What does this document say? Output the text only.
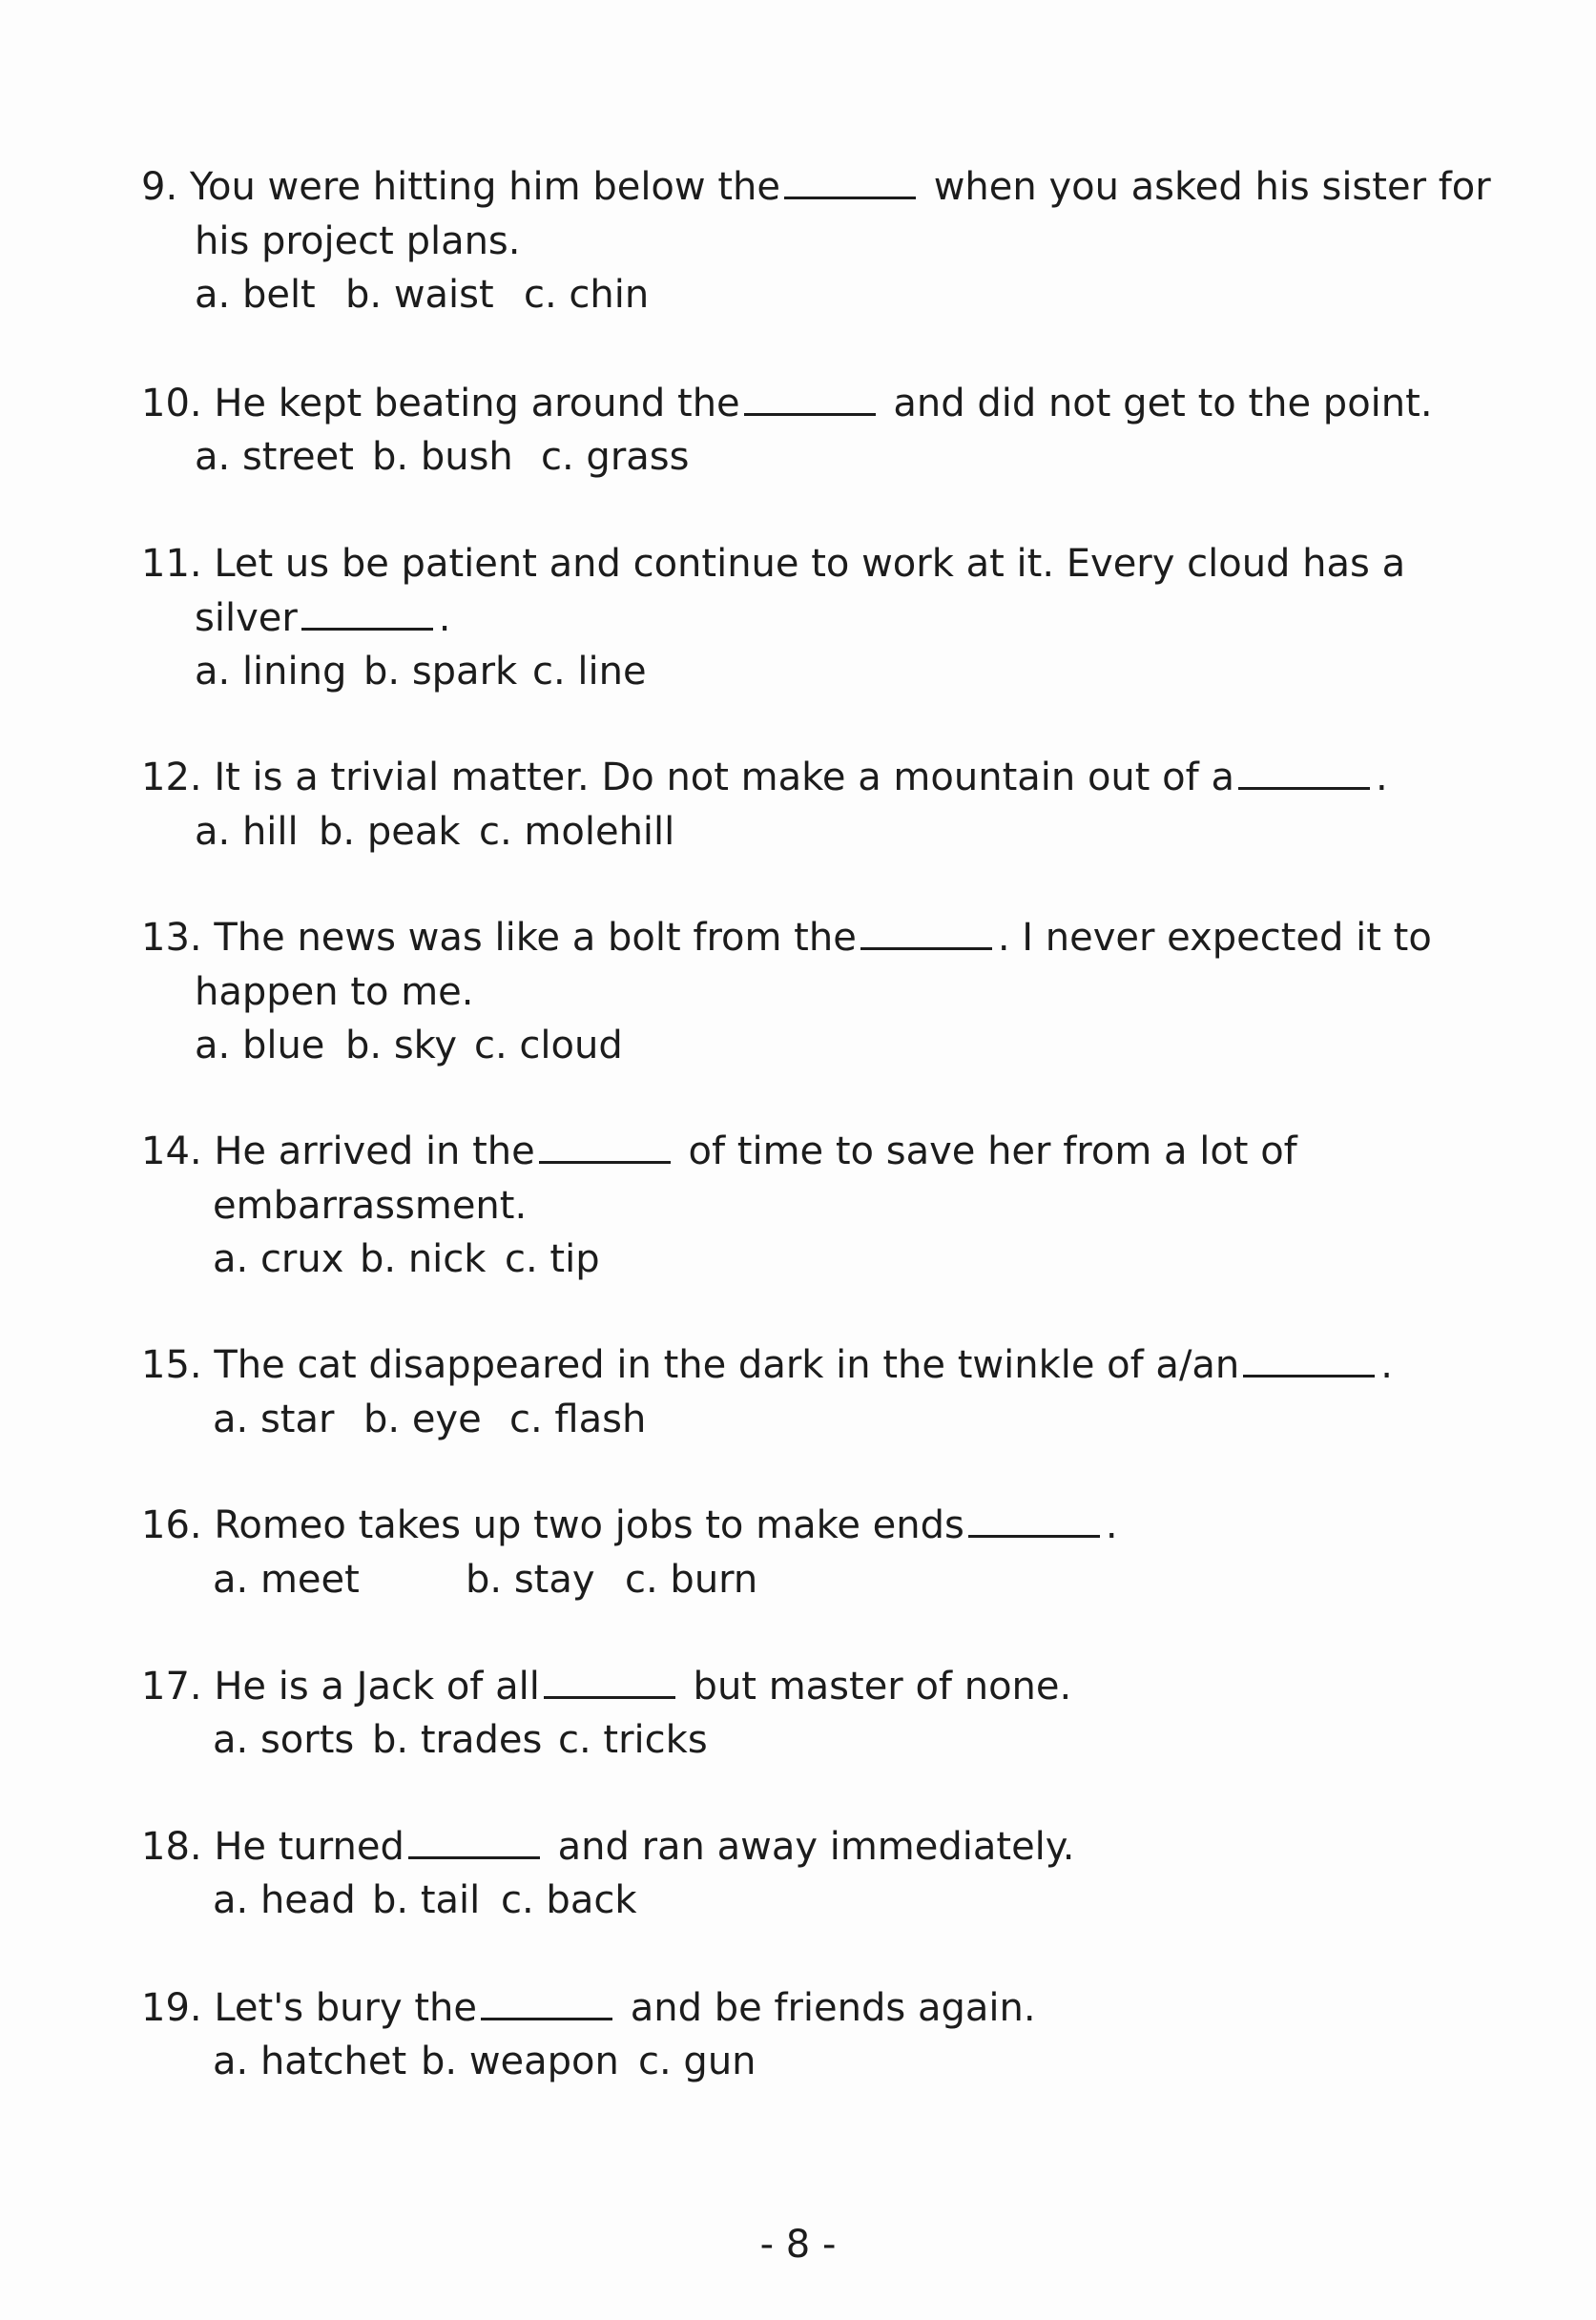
9. You were hitting him below the	when you asked his sister for
his project plans.
a. belt b. waist c. chin
10. He kept beating around the	and did not get to the point.
a. street b. bush c. grass
11. Let us be patient and continue to work at it. Every cloud has a
silver	.
a. lining b. spark c. line
12. It is a trivial matter. Do not make a mountain out of a	.
a. hill b. peak c. molehill
13. The news was like a bolt from the	. I never expected it to
happen to me.
a. blue b. sky c. cloud
14. He arrived in the	of time to save her from a lot of
embarrassment.
a. crux b. nick c. tip
15. The cat disappeared in the dark in the twinkle of a/an	.
a. star b. eye c. flash
16. Romeo takes up two jobs to make ends	.
a. meet	b. stay c. burn
17. He is a Jack of all	but master of none.
a. sorts b. trades c. tricks
18. He turned	and ran away immediately.
a. head b. tail c. back
19. Let's bury the	and be friends again.
a. hatchet b. weapon c. gun
- 8 -
